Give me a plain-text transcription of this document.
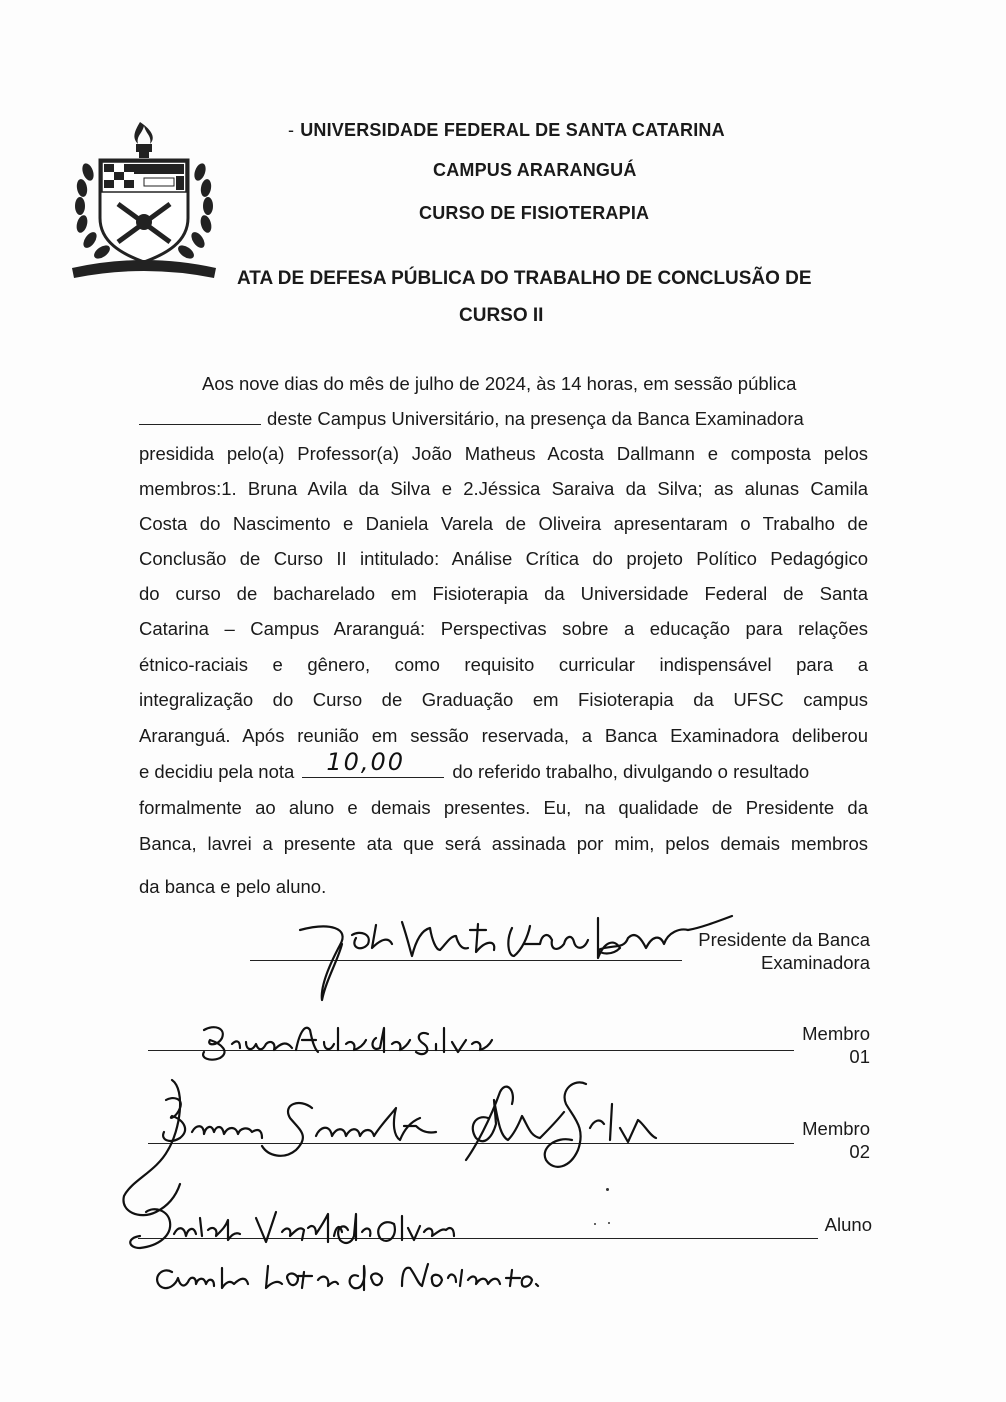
- UNIVERSIDADE FEDERAL DE SANTA CATARINA
CAMPUS ARARANGUÁ
CURSO DE FISIOTERAPIA
ATA DE DEFESA PÚBLICA DO TRABALHO DE CONCLUSÃO DE
CURSO II
Aos nove dias do mês de julho de 2024, às 14 horas, em sessão pública
deste Campus Universitário, na presença da Banca Examinadora
presidida pelo(a) Professor(a) João Matheus Acosta Dallmann e composta pelos
membros:1. Bruna Avila da Silva e 2.Jéssica Saraiva da Silva; as alunas Camila
Costa do Nascimento e Daniela Varela de Oliveira apresentaram o Trabalho de
Conclusão de Curso II intitulado: Análise Crítica do projeto Político Pedagógico
do curso de bacharelado em Fisioterapia da Universidade Federal de Santa
Catarina – Campus Araranguá: Perspectivas sobre a educação para relações
étnico-raciais e gênero, como requisito curricular indispensável para a
integralização do Curso de Graduação em Fisioterapia da UFSC campus
Araranguá. Após reunião em sessão reservada, a Banca Examinadora deliberou
e decidiu pela nota 10,00	do referido trabalho, divulgando o resultado
formalmente ao aluno e demais presentes. Eu, na qualidade de Presidente da
Banca, lavrei a presente ata que será assinada por mim, pelos demais membros
da banca e pelo aluno.
Presidente da Banca
Examinadora
Membro
01
Membro
02
Aluno
